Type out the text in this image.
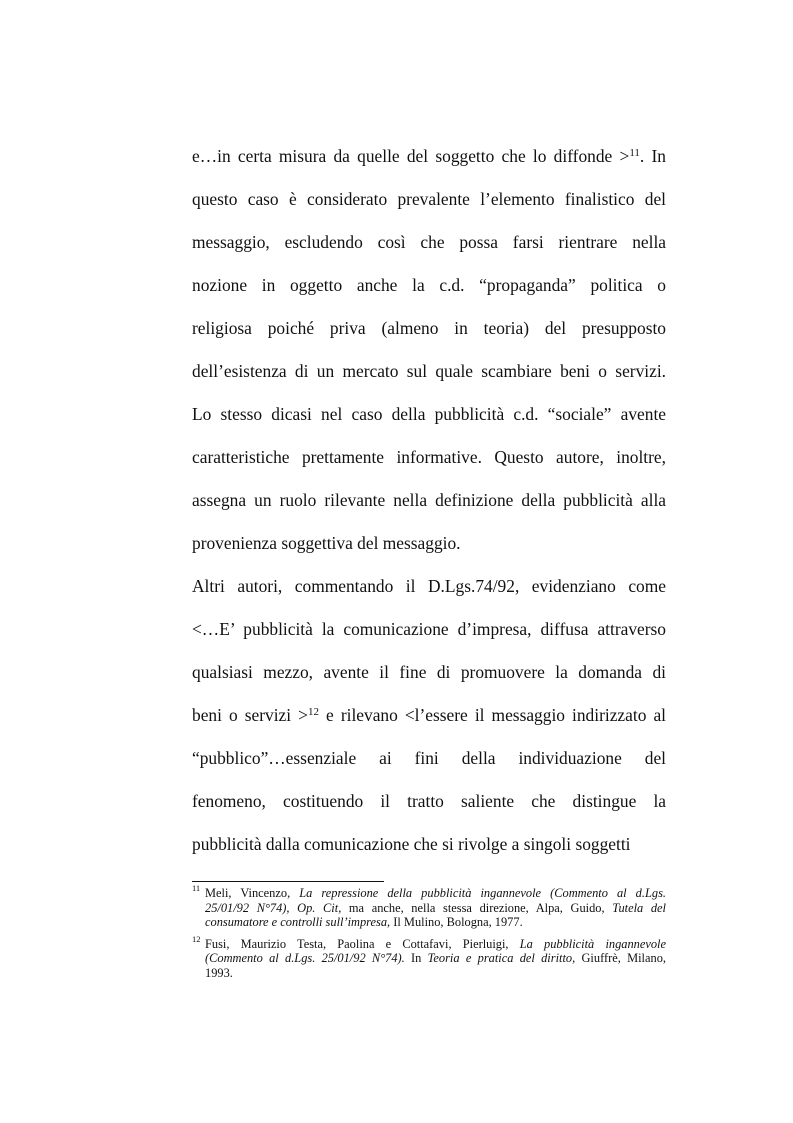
e…in certa misura da quelle del soggetto che lo diffonde >$^{11}$. In
questo caso è considerato prevalente l’elemento finalistico del
messaggio, escludendo così che possa farsi rientrare nella
nozione in oggetto anche la c.d. “propaganda” politica o
religiosa poiché priva (almeno in teoria) del presupposto
dell’esistenza di un mercato sul quale scambiare beni o servizi.
Lo stesso dicasi nel caso della pubblicità c.d. “sociale” avente
caratteristiche prettamente informative. Questo autore, inoltre,
assegna un ruolo rilevante nella definizione della pubblicità alla
provenienza soggettiva del messaggio.
Altri autori, commentando il D.Lgs.74/92, evidenziano come
<…E’ pubblicità la comunicazione d’impresa, diffusa attraverso
qualsiasi mezzo, avente il fine di promuovere la domanda di
beni o servizi >$^{12}$ e rilevano <l’essere il messaggio indirizzato al
“pubblico”…essenziale ai fini della individuazione del
fenomeno, costituendo il tratto saliente che distingue la
pubblicità dalla comunicazione che si rivolge a singoli soggetti
11 Meli, Vincenzo, La repressione della pubblicità ingannevole (Commento al d.Lgs.
25/01/92 N°74), Op. Cit, ma anche, nella stessa direzione, Alpa, Guido, Tutela del
consumatore e controlli sull’impresa, Il Mulino, Bologna, 1977.
12 Fusi, Maurizio Testa, Paolina e Cottafavi, Pierluigi, La pubblicità ingannevole
(Commento al d.Lgs. 25/01/92 N°74). In Teoria e pratica del diritto, Giuffrè, Milano,
1993.
